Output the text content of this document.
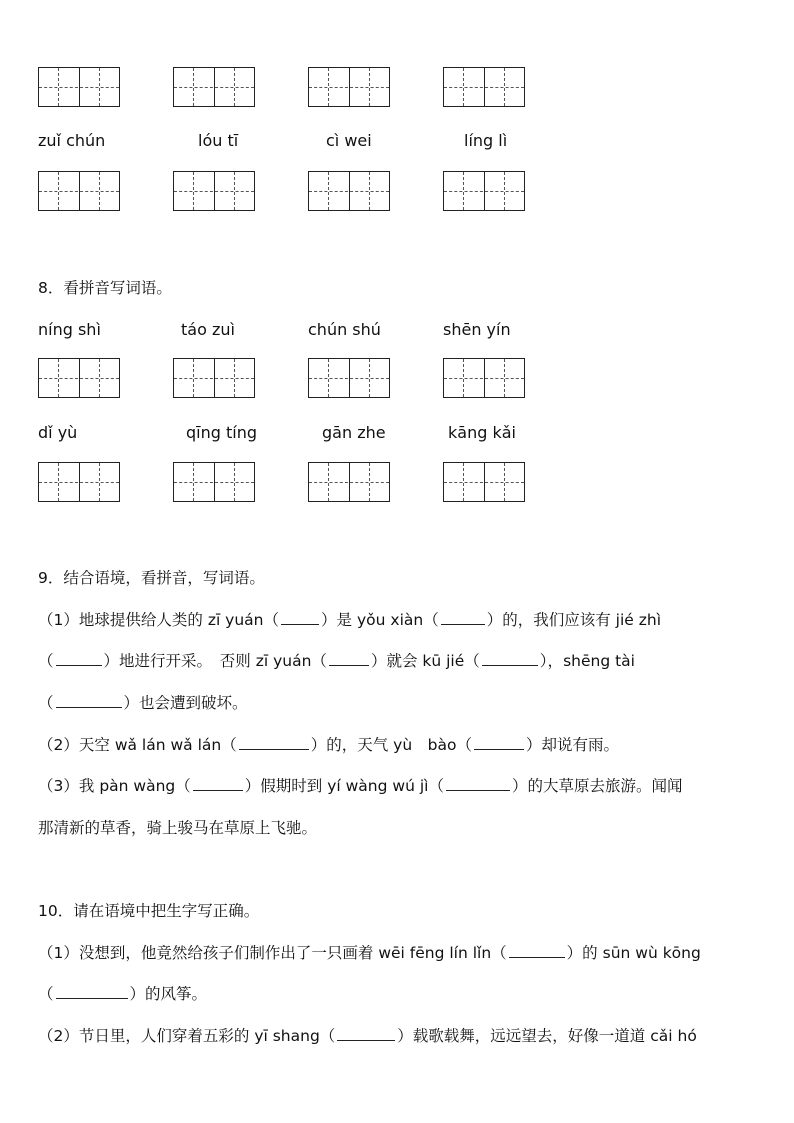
zuǐ chún	lóu tī	cì wei	líng lì
8．看拼音写词语。
níng shì	táo zuì	chún shú	shēn yín
dǐ yù	qīng tíng	gān zhe	kāng kǎi
9．结合语境，看拼音，写词语。
（1）地球提供给人类的 zī yuán（	）是 yǒu xiàn（	）的，我们应该有 jié zhì
（	）地进行开采。　否则 zī yuán（	）就会 kū jié（	），shēng tài
（	）也会遭到破坏。
（2）天空 wǎ lán wǎ lán（	）的，天气 yù　bào（	）却说有雨。
（3）我 pàn wàng（	）假期时到 yí wàng wú jì（	）的大草原去旅游。闻闻
那清新的草香，骑上骏马在草原上飞驰。
10．请在语境中把生字写正确。
（1）没想到，他竟然给孩子们制作出了一只画着 wēi fēng lín lǐn（	）的 sūn wù kōng
（	）的风筝。
（2）节日里，人们穿着五彩的 yī shang（	）载歌载舞，远远望去，好像一道道 cǎi hó
